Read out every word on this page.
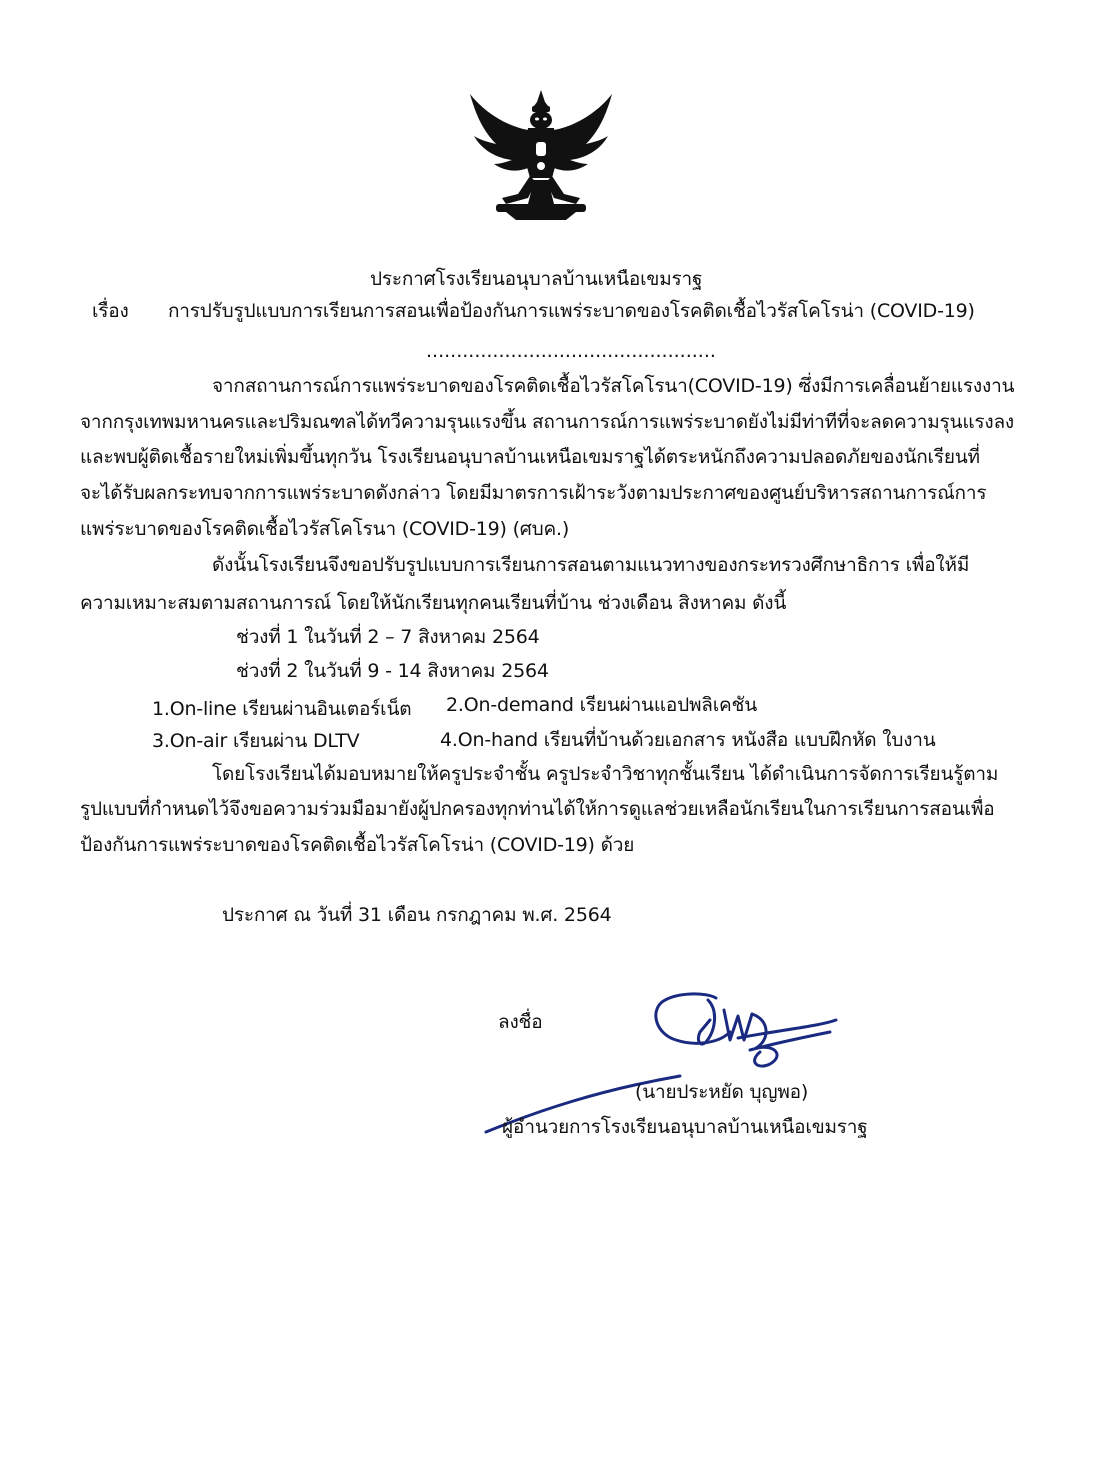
ประกาศโรงเรียนอนุบาลบ้านเหนือเขมราฐ
เรื่อง การปรับรูปแบบการเรียนการสอนเพื่อป้องกันการแพร่ระบาดของโรคติดเชื้อไวรัสโคโรน่า (COVID-19)
................................................
จากสถานการณ์การแพร่ระบาดของโรคติดเชื้อไวรัสโคโรนา(COVID-19) ซึ่งมีการเคลื่อนย้ายแรงงาน
จากกรุงเทพมหานครและปริมณฑลได้ทวีความรุนแรงขึ้น สถานการณ์การแพร่ระบาดยังไม่มีท่าทีที่จะลดความรุนแรงลง
และพบผู้ติดเชื้อรายใหม่เพิ่มขึ้นทุกวัน โรงเรียนอนุบาลบ้านเหนือเขมราฐได้ตระหนักถึงความปลอดภัยของนักเรียนที่
จะได้รับผลกระทบจากการแพร่ระบาดดังกล่าว โดยมีมาตรการเฝ้าระวังตามประกาศของศูนย์บริหารสถานการณ์การ
แพร่ระบาดของโรคติดเชื้อไวรัสโคโรนา (COVID-19) (ศบค.)
ดังนั้นโรงเรียนจึงขอปรับรูปแบบการเรียนการสอนตามแนวทางของกระทรวงศึกษาธิการ เพื่อให้มี
ความเหมาะสมตามสถานการณ์ โดยให้นักเรียนทุกคนเรียนที่บ้าน ช่วงเดือน สิงหาคม ดังนี้
ช่วงที่ 1 ในวันที่ 2 – 7 สิงหาคม 2564
ช่วงที่ 2 ในวันที่ 9 - 14 สิงหาคม 2564
1.On-line เรียนผ่านอินเตอร์เน็ต 2.On-demand เรียนผ่านแอปพลิเคชัน
3.On-air เรียนผ่าน DLTV	4.On-hand เรียนที่บ้านด้วยเอกสาร หนังสือ แบบฝึกหัด ใบงาน
โดยโรงเรียนได้มอบหมายให้ครูประจำชั้น ครูประจำวิชาทุกชั้นเรียน ได้ดำเนินการจัดการเรียนรู้ตาม
รูปแบบที่กำหนดไว้จึงขอความร่วมมือมายังผู้ปกครองทุกท่านได้ให้การดูแลช่วยเหลือนักเรียนในการเรียนการสอนเพื่อ
ป้องกันการแพร่ระบาดของโรคติดเชื้อไวรัสโคโรน่า (COVID-19) ด้วย
ประกาศ ณ วันที่ 31 เดือน กรกฎาคม พ.ศ. 2564
ลงชื่อ
(นายประหยัด บุญพอ)
ผู้อำนวยการโรงเรียนอนุบาลบ้านเหนือเขมราฐ
